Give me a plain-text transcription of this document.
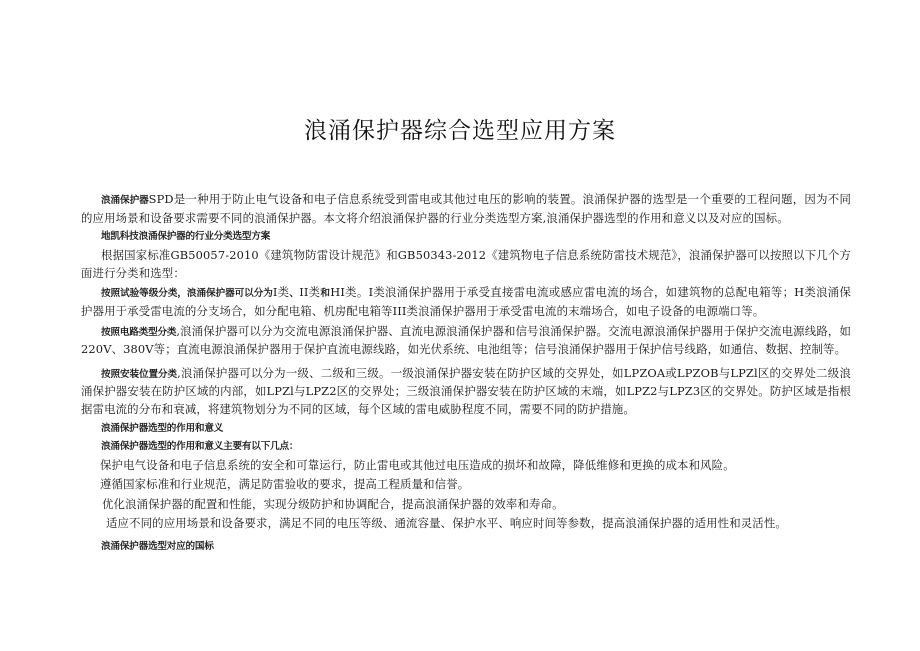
浪涌保护器综合选型应用方案

浪涌保护器SPD是一种用于防止电气设备和电子信息系统受到雷电或其他过电压的影响的装置。浪涌保护器的选型是一个重要的工程问题，因为不同的应用场景和设备要求需要不同的浪涌保护器。本文将介绍浪涌保护器的行业分类选型方案,浪涌保护器选型的作用和意义以及对应的国标。

地凯科技浪涌保护器的行业分类选型方案

根据国家标准GB50057-2010《建筑物防雷设计规范》和GB50343-2012《建筑物电子信息系统防雷技术规范》，浪涌保护器可以按照以下几个方面进行分类和选型：

按照试验等级分类，浪涌保护器可以分为Ⅰ类、II类和HI类。Ⅰ类浪涌保护器用于承受直接雷电流或感应雷电流的场合，如建筑物的总配电箱等；H类浪涌保护器用于承受雷电流的分支场合，如分配电箱、机房配电箱等III类浪涌保护器用于承受雷电流的末端场合，如电子设备的电源端口等。

按照电路类型分类,浪涌保护器可以分为交流电源浪涌保护器、直流电源浪涌保护器和信号浪涌保护器。交流电源浪涌保护器用于保护交流电源线路，如220V、380V等；直流电源浪涌保护器用于保护直流电源线路，如光伏系统、电池组等；信号浪涌保护器用于保护信号线路，如通信、数据、控制等。

按照安装位置分类,浪涌保护器可以分为一级、二级和三级。一级浪涌保护器安装在防护区域的交界处，如LPZOA或LPZOB与LPZl区的交界处二级浪涌保护器安装在防护区域的内部，如LPZl与LPZ2区的交界处；三级浪涌保护器安装在防护区域的末端，如LPZ2与LPZ3区的交界处。防护区域是指根据雷电流的分布和衰减，将建筑物划分为不同的区域，每个区域的雷电威胁程度不同，需要不同的防护措施。

浪涌保护器选型的作用和意义
浪涌保护器选型的作用和意义主要有以下几点：
保护电气设备和电子信息系统的安全和可靠运行，防止雷电或其他过电压造成的损坏和故障，降低维修和更换的成本和风险。
遵循国家标准和行业规范，满足防雷验收的要求，提高工程质量和信誉。
优化浪涌保护器的配置和性能，实现分级防护和协调配合，提高浪涌保护器的效率和寿命。
适应不同的应用场景和设备要求，满足不同的电压等级、通流容量、保护水平、响应时间等参数，提高浪涌保护器的适用性和灵活性。
浪涌保护器选型对应的国标
